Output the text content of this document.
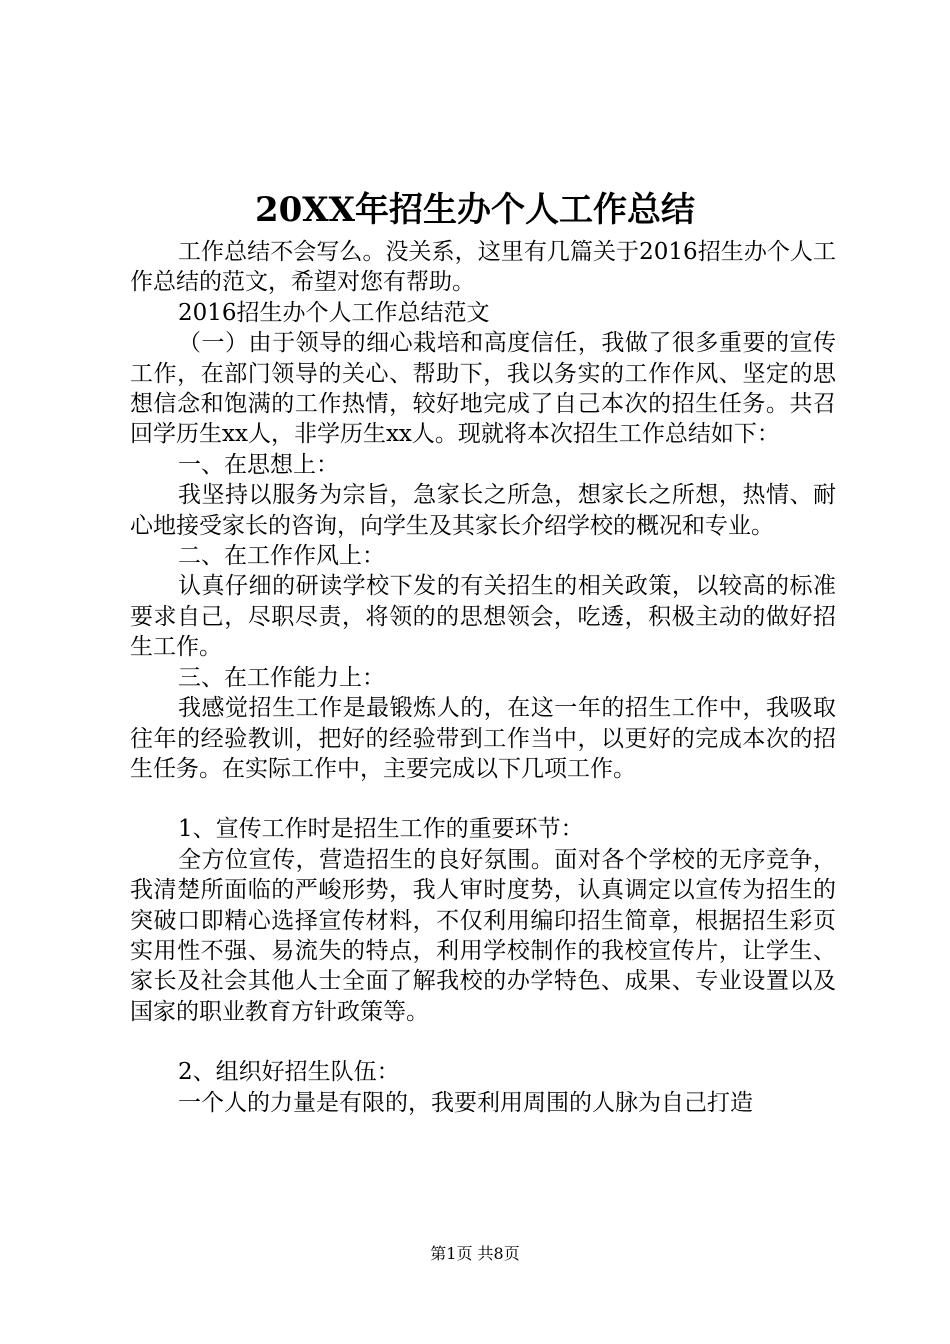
20XX年招生办个人工作总结

工作总结不会写么。没关系，这里有几篇关于2016招生办个人工作总结的范文，希望对您有帮助。

2016招生办个人工作总结范文

（一）由于领导的细心栽培和高度信任，我做了很多重要的宣传工作，在部门领导的关心、帮助下，我以务实的工作作风、坚定的思想信念和饱满的工作热情，较好地完成了自己本次的招生任务。共召回学历生xx人，非学历生xx人。现就将本次招生工作总结如下：

一、在思想上：

我坚持以服务为宗旨，急家长之所急，想家长之所想，热情、耐心地接受家长的咨询，向学生及其家长介绍学校的概况和专业。

二、在工作作风上：

认真仔细的研读学校下发的有关招生的相关政策，以较高的标准要求自己，尽职尽责，将领的的思想领会，吃透，积极主动的做好招生工作。

三、在工作能力上：

我感觉招生工作是最锻炼人的，在这一年的招生工作中，我吸取往年的经验教训，把好的经验带到工作当中，以更好的完成本次的招生任务。在实际工作中，主要完成以下几项工作。

1、宣传工作时是招生工作的重要环节：

全方位宣传，营造招生的良好氛围。面对各个学校的无序竞争，我清楚所面临的严峻形势，我人审时度势，认真调定以宣传为招生的突破口即精心选择宣传材料，不仅利用编印招生简章，根据招生彩页实用性不强、易流失的特点，利用学校制作的我校宣传片，让学生、家长及社会其他人士全面了解我校的办学特色、成果、专业设置以及国家的职业教育方针政策等。

2、组织好招生队伍：

一个人的力量是有限的，我要利用周围的人脉为自己打造

第1页 共8页
